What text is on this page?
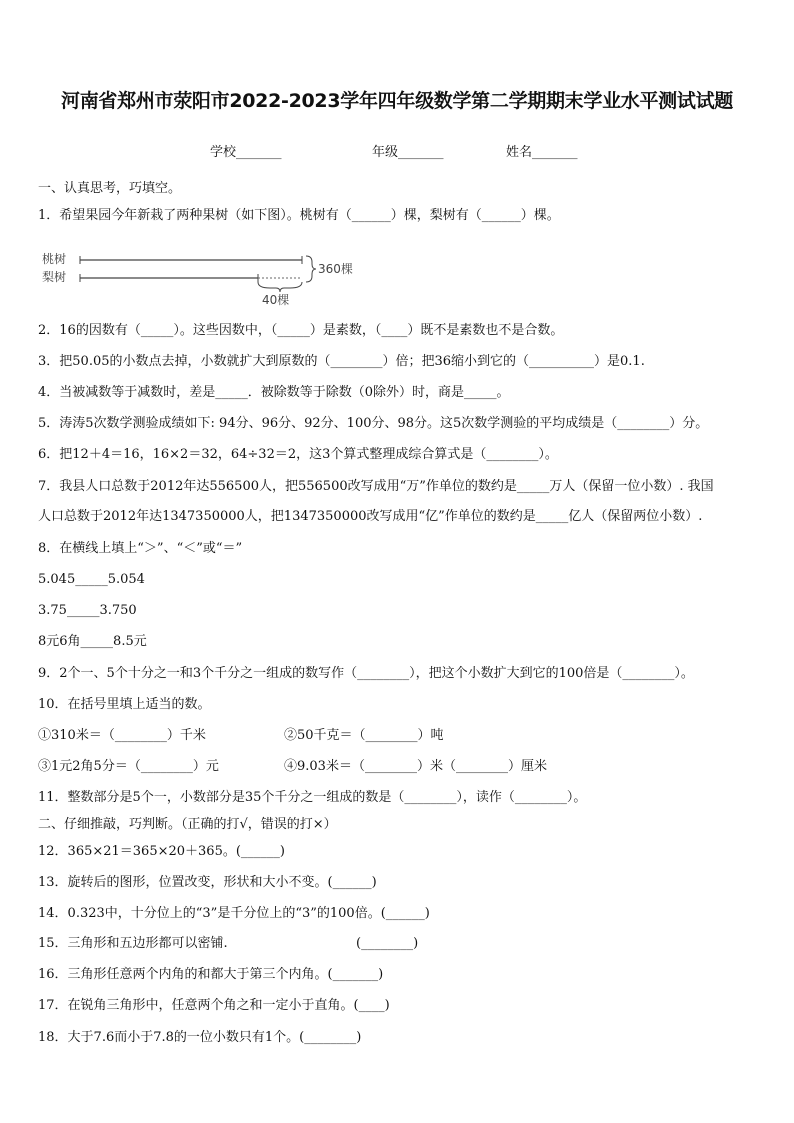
河南省郑州市荥阳市2022-2023学年四年级数学第二学期期末学业水平测试试题
学校_______	年级_______	姓名_______
一、认真思考，巧填空。
1．希望果园今年新栽了两种果树（如下图）。桃树有（______）棵，梨树有（______）棵。
桃树
梨树
360棵
40棵
2．16的因数有（_____）。这些因数中，（_____）是素数，（____）既不是素数也不是合数。
3．把50.05的小数点去掉，小数就扩大到原数的（________）倍；把36缩小到它的（__________）是0.1.
4．当被减数等于减数时，差是_____．被除数等于除数（0除外）时，商是_____。
5．涛涛5次数学测验成绩如下: 94分、96分、92分、100分、98分。这5次数学测验的平均成绩是（________）分。
6．把12＋4＝16，16×2＝32，64÷32＝2，这3个算式整理成综合算式是（________）。
7．我县人口总数于2012年达556500人，把556500改写成用“万”作单位的数约是_____万人（保留一位小数）. 我国
人口总数于2012年达1347350000人，把1347350000改写成用“亿”作单位的数约是_____亿人（保留两位小数）.
8．在横线上填上“＞”、“＜”或“＝”
5.045_____5.054
3.75_____3.750
8元6角_____8.5元
9．2个一、5个十分之一和3个千分之一组成的数写作（________），把这个小数扩大到它的100倍是（________）。
10．在括号里填上适当的数。
①310米＝（________）千米	②50千克＝（________）吨
③1元2角5分＝（________）元	④9.03米＝（________）米（________）厘米
11．整数部分是5个一，小数部分是35个千分之一组成的数是（________），读作（________）。
二、仔细推敲，巧判断。（正确的打√，错误的打×）
12．365×21＝365×20＋365。(______)
13．旋转后的图形，位置改变，形状和大小不变。(______)
14．0.323中，十分位上的“3”是千分位上的“3”的100倍。(______)
15．三角形和五边形都可以密铺.	(________)
16．三角形任意两个内角的和都大于第三个内角。(_______)
17．在锐角三角形中，任意两个角之和一定小于直角。(____)
18．大于7.6而小于7.8的一位小数只有1个。(________)
